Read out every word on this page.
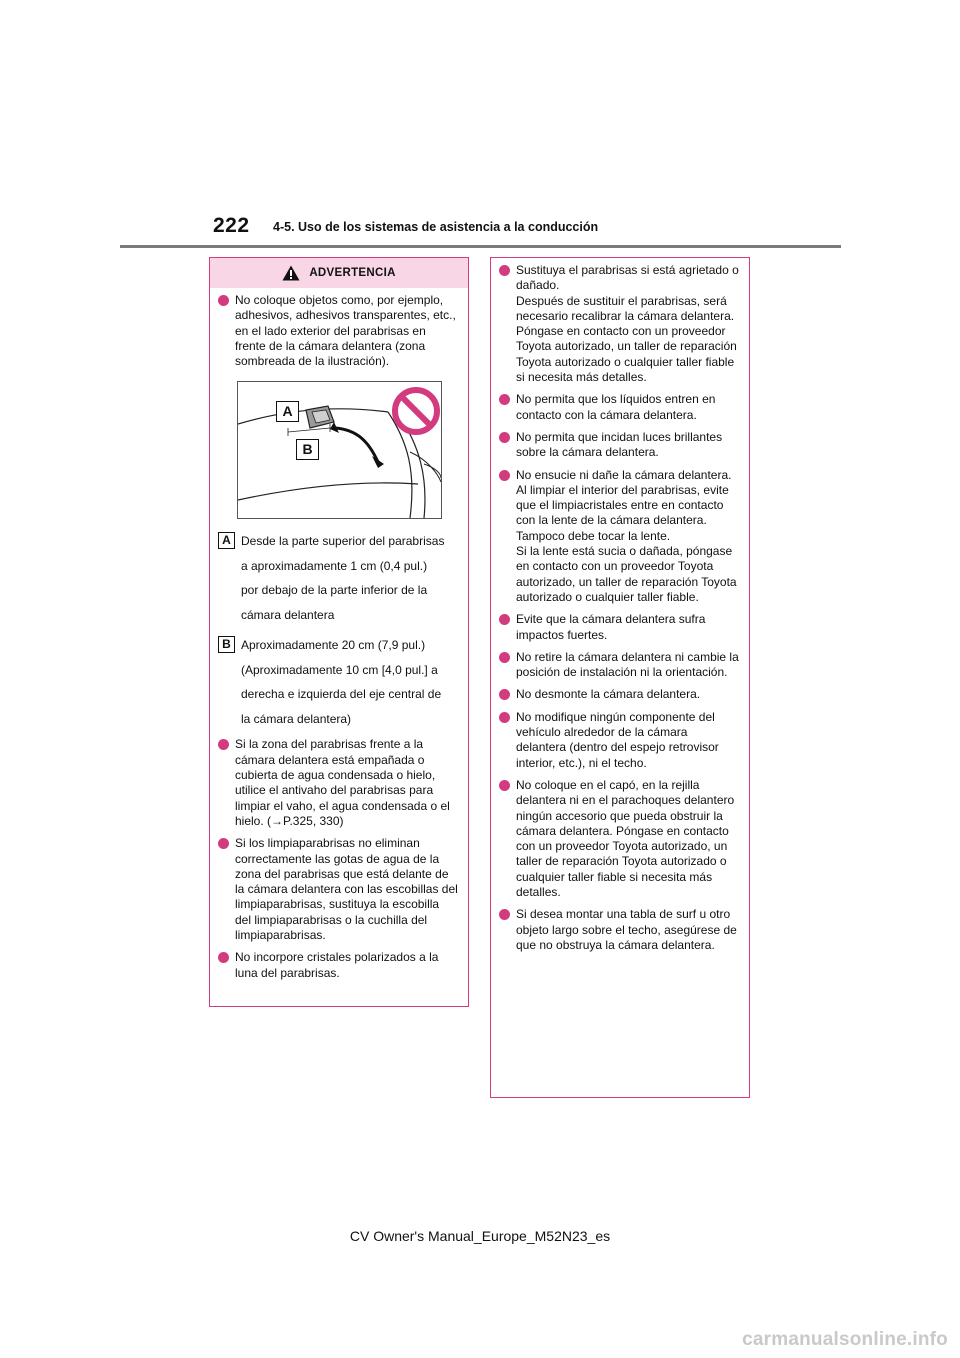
222 4-5. Uso de los sistemas de asistencia a la conducción
ADVERTENCIA

No coloque objetos como, por ejemplo, adhesivos, adhesivos transparentes, etc., en el lado exterior del parabrisas en frente de la cámara delantera (zona sombreada de la ilustración).

A
B
A Desde la parte superior del parabrisas
a aproximadamente 1 cm (0,4 pul.)
por debajo de la parte inferior de la
cámara delantera
B Aproximadamente 20 cm (7,9 pul.)
(Aproximadamente 10 cm [4,0 pul.] a
derecha e izquierda del eje central de
la cámara delantera)

Si la zona del parabrisas frente a la cámara delantera está empañada o cubierta de agua condensada o hielo, utilice el antivaho del parabrisas para limpiar el vaho, el agua condensada o el hielo. (→P.325, 330)

Si los limpiaparabrisas no eliminan correctamente las gotas de agua de la zona del parabrisas que está delante de la cámara delantera con las escobillas del limpiaparabrisas, sustituya la escobilla del limpiaparabrisas o la cuchilla del limpiaparabrisas.

No incorpore cristales polarizados a la luna del parabrisas.

Sustituya el parabrisas si está agrietado o dañado.

Después de sustituir el parabrisas, será necesario recalibrar la cámara delantera. Póngase en contacto con un proveedor Toyota autorizado, un taller de reparación Toyota autorizado o cualquier taller fiable si necesita más detalles.

No permita que los líquidos entren en contacto con la cámara delantera.

No permita que incidan luces brillantes sobre la cámara delantera.

No ensucie ni dañe la cámara delantera.

Al limpiar el interior del parabrisas, evite que el limpiacristales entre en contacto con la lente de la cámara delantera. Tampoco debe tocar la lente.

Si la lente está sucia o dañada, póngase en contacto con un proveedor Toyota autorizado, un taller de reparación Toyota autorizado o cualquier taller fiable.

Evite que la cámara delantera sufra impactos fuertes.

No retire la cámara delantera ni cambie la posición de instalación ni la orientación.

No desmonte la cámara delantera.

No modifique ningún componente del vehículo alrededor de la cámara delantera (dentro del espejo retrovisor interior, etc.), ni el techo.

No coloque en el capó, en la rejilla delantera ni en el parachoques delantero ningún accesorio que pueda obstruir la cámara delantera. Póngase en contacto con un proveedor Toyota autorizado, un taller de reparación Toyota autorizado o cualquier taller fiable si necesita más detalles.

Si desea montar una tabla de surf u otro objeto largo sobre el techo, asegúrese de que no obstruya la cámara delantera.

CV Owner's Manual_Europe_M52N23_es
carmanualsonline.info
